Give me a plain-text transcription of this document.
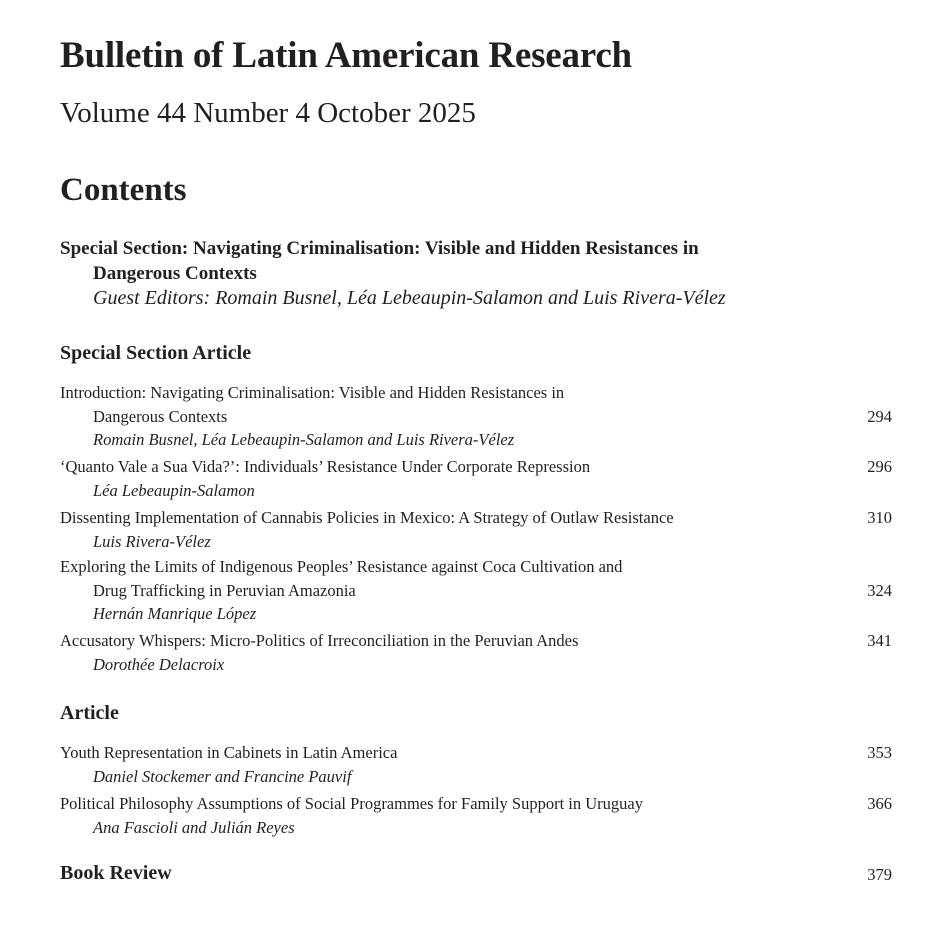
Bulletin of Latin American Research
Volume 44 Number 4 October 2025
Contents
Special Section: Navigating Criminalisation: Visible and Hidden Resistances in
Dangerous Contexts
Guest Editors: Romain Busnel, Léa Lebeaupin-Salamon and Luis Rivera-Vélez
Special Section Article
Introduction: Navigating Criminalisation: Visible and Hidden Resistances in
Dangerous Contexts	294
Romain Busnel, Léa Lebeaupin-Salamon and Luis Rivera-Vélez
‘Quanto Vale a Sua Vida?’: Individuals’ Resistance Under Corporate Repression	296
Léa Lebeaupin-Salamon
Dissenting Implementation of Cannabis Policies in Mexico: A Strategy of Outlaw Resistance	310
Luis Rivera-Vélez
Exploring the Limits of Indigenous Peoples’ Resistance against Coca Cultivation and
Drug Trafficking in Peruvian Amazonia	324
Hernán Manrique López
Accusatory Whispers: Micro-Politics of Irreconciliation in the Peruvian Andes	341
Dorothée Delacroix
Article
Youth Representation in Cabinets in Latin America	353
Daniel Stockemer and Francine Pauvif
Political Philosophy Assumptions of Social Programmes for Family Support in Uruguay	366
Ana Fascioli and Julián Reyes
Book Review	379
